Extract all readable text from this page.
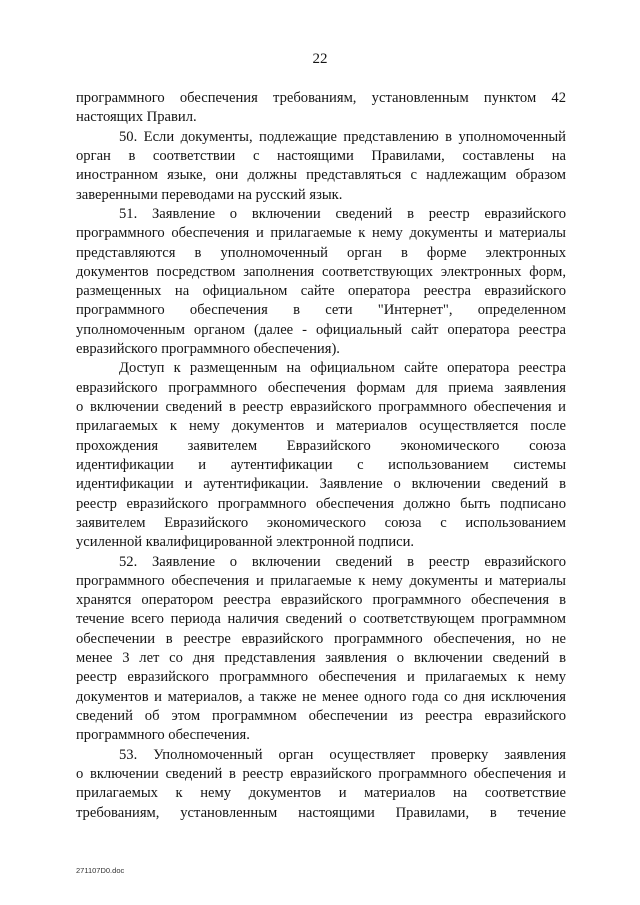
22
программного обеспечения требованиям, установленным пунктом 42
настоящих Правил.
50. Если документы, подлежащие представлению в уполномоченный
орган в соответствии с настоящими Правилами, составлены на
иностранном языке, они должны представляться с надлежащим образом
заверенными переводами на русский язык.
51. Заявление о включении сведений в реестр евразийского
программного обеспечения и прилагаемые к нему документы и материалы
представляются в уполномоченный орган в форме электронных
документов посредством заполнения соответствующих электронных форм,
размещенных на официальном сайте оператора реестра евразийского
программного обеспечения в сети "Интернет", определенном
уполномоченным органом (далее - официальный сайт оператора реестра
евразийского программного обеспечения).
Доступ к размещенным на официальном сайте оператора реестра
евразийского программного обеспечения формам для приема заявления
о включении сведений в реестр евразийского программного обеспечения и
прилагаемых к нему документов и материалов осуществляется после
прохождения заявителем Евразийского экономического союза
идентификации и аутентификации с использованием системы
идентификации и аутентификации. Заявление о включении сведений в
реестр евразийского программного обеспечения должно быть подписано
заявителем Евразийского экономического союза с использованием
усиленной квалифицированной электронной подписи.
52. Заявление о включении сведений в реестр евразийского
программного обеспечения и прилагаемые к нему документы и материалы
хранятся оператором реестра евразийского программного обеспечения в
течение всего периода наличия сведений о соответствующем программном
обеспечении в реестре евразийского программного обеспечения, но не
менее 3 лет со дня представления заявления о включении сведений в
реестр евразийского программного обеспечения и прилагаемых к нему
документов и материалов, а также не менее одного года со дня исключения
сведений об этом программном обеспечении из реестра евразийского
программного обеспечения.
53. Уполномоченный орган осуществляет проверку заявления
о включении сведений в реестр евразийского программного обеспечения и
прилагаемых к нему документов и материалов на соответствие
требованиям, установленным настоящими Правилами, в течение
271107D0.doc
